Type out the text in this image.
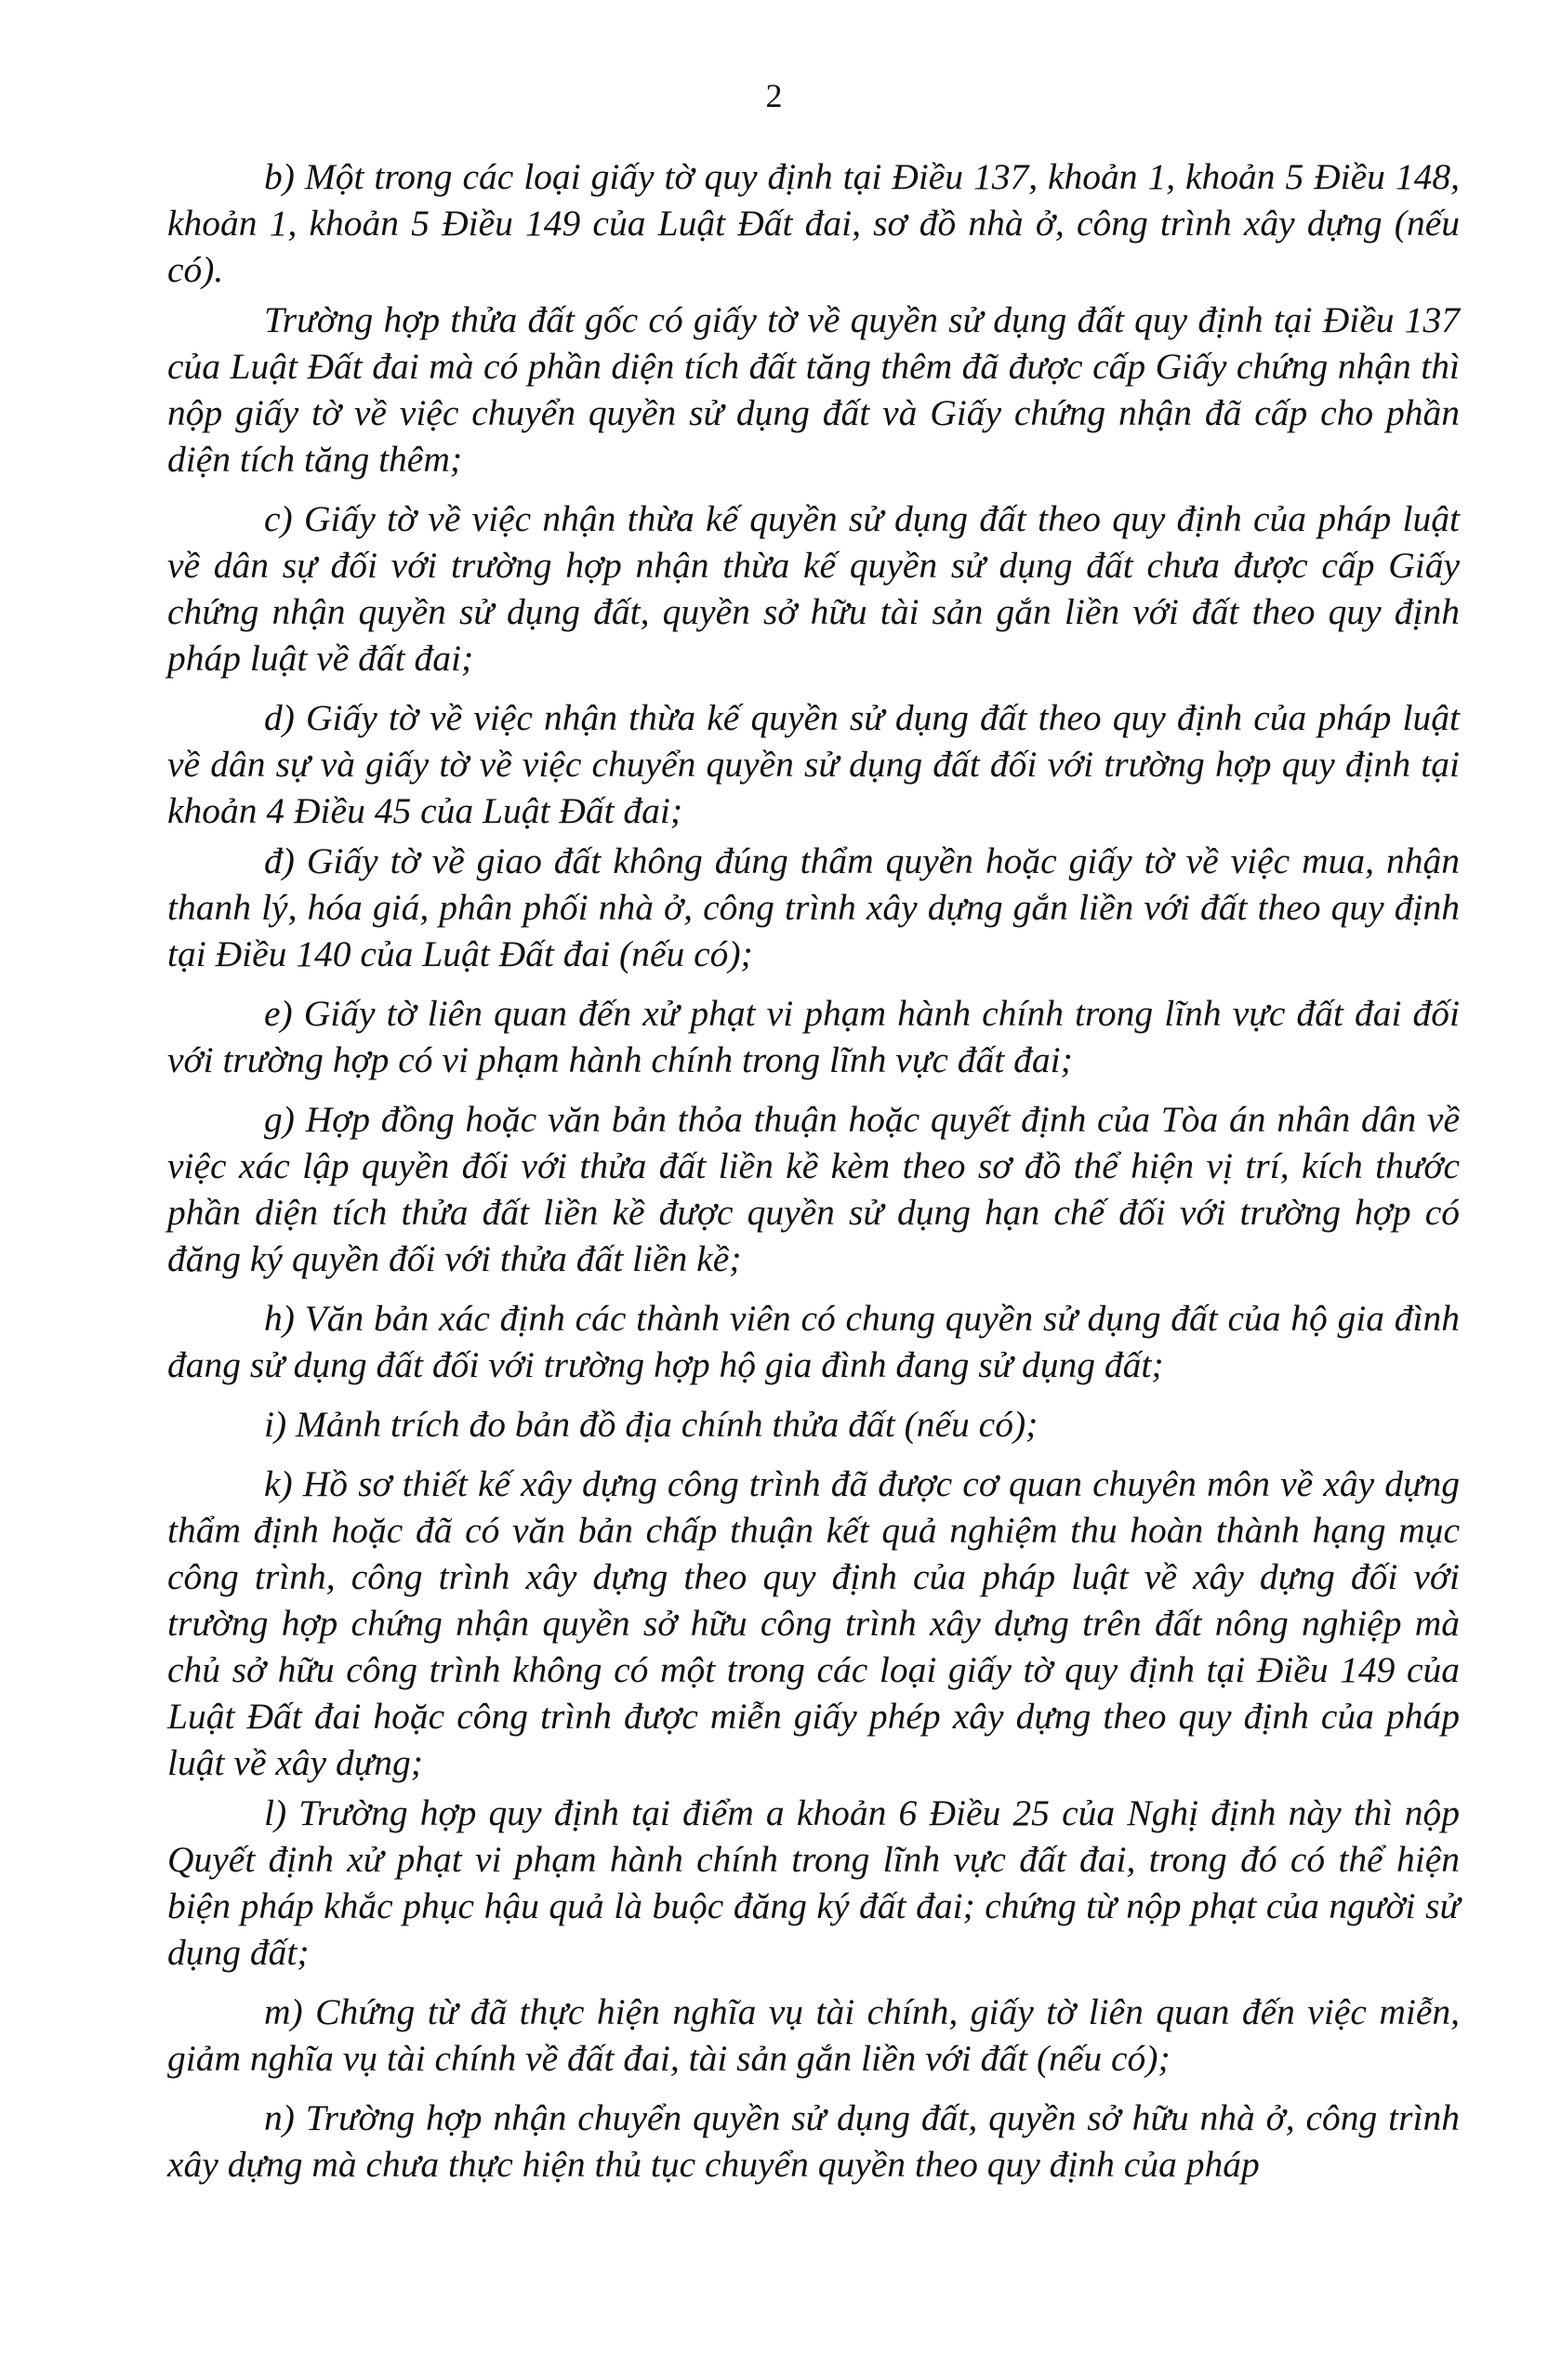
2

b) Một trong các loại giấy tờ quy định tại Điều 137, khoản 1, khoản 5 Điều 148, khoản 1, khoản 5 Điều 149 của Luật Đất đai, sơ đồ nhà ở, công trình xây dựng (nếu có).

Trường hợp thửa đất gốc có giấy tờ về quyền sử dụng đất quy định tại Điều 137 của Luật Đất đai mà có phần diện tích đất tăng thêm đã được cấp Giấy chứng nhận thì nộp giấy tờ về việc chuyển quyền sử dụng đất và Giấy chứng nhận đã cấp cho phần diện tích tăng thêm;

c) Giấy tờ về việc nhận thừa kế quyền sử dụng đất theo quy định của pháp luật về dân sự đối với trường hợp nhận thừa kế quyền sử dụng đất chưa được cấp Giấy chứng nhận quyền sử dụng đất, quyền sở hữu tài sản gắn liền với đất theo quy định pháp luật về đất đai;

d) Giấy tờ về việc nhận thừa kế quyền sử dụng đất theo quy định của pháp luật về dân sự và giấy tờ về việc chuyển quyền sử dụng đất đối với trường hợp quy định tại khoản 4 Điều 45 của Luật Đất đai;

đ) Giấy tờ về giao đất không đúng thẩm quyền hoặc giấy tờ về việc mua, nhận thanh lý, hóa giá, phân phối nhà ở, công trình xây dựng gắn liền với đất theo quy định tại Điều 140 của Luật Đất đai (nếu có);

e) Giấy tờ liên quan đến xử phạt vi phạm hành chính trong lĩnh vực đất đai đối với trường hợp có vi phạm hành chính trong lĩnh vực đất đai;

g) Hợp đồng hoặc văn bản thỏa thuận hoặc quyết định của Tòa án nhân dân về việc xác lập quyền đối với thửa đất liền kề kèm theo sơ đồ thể hiện vị trí, kích thước phần diện tích thửa đất liền kề được quyền sử dụng hạn chế đối với trường hợp có đăng ký quyền đối với thửa đất liền kề;

h) Văn bản xác định các thành viên có chung quyền sử dụng đất của hộ gia đình đang sử dụng đất đối với trường hợp hộ gia đình đang sử dụng đất;

i) Mảnh trích đo bản đồ địa chính thửa đất (nếu có);

k) Hồ sơ thiết kế xây dựng công trình đã được cơ quan chuyên môn về xây dựng thẩm định hoặc đã có văn bản chấp thuận kết quả nghiệm thu hoàn thành hạng mục công trình, công trình xây dựng theo quy định của pháp luật về xây dựng đối với trường hợp chứng nhận quyền sở hữu công trình xây dựng trên đất nông nghiệp mà chủ sở hữu công trình không có một trong các loại giấy tờ quy định tại Điều 149 của Luật Đất đai hoặc công trình được miễn giấy phép xây dựng theo quy định của pháp luật về xây dựng;

l) Trường hợp quy định tại điểm a khoản 6 Điều 25 của Nghị định này thì nộp Quyết định xử phạt vi phạm hành chính trong lĩnh vực đất đai, trong đó có thể hiện biện pháp khắc phục hậu quả là buộc đăng ký đất đai; chứng từ nộp phạt của người sử dụng đất;

m) Chứng từ đã thực hiện nghĩa vụ tài chính, giấy tờ liên quan đến việc miễn, giảm nghĩa vụ tài chính về đất đai, tài sản gắn liền với đất (nếu có);

n) Trường hợp nhận chuyển quyền sử dụng đất, quyền sở hữu nhà ở, công trình xây dựng mà chưa thực hiện thủ tục chuyển quyền theo quy định của pháp
